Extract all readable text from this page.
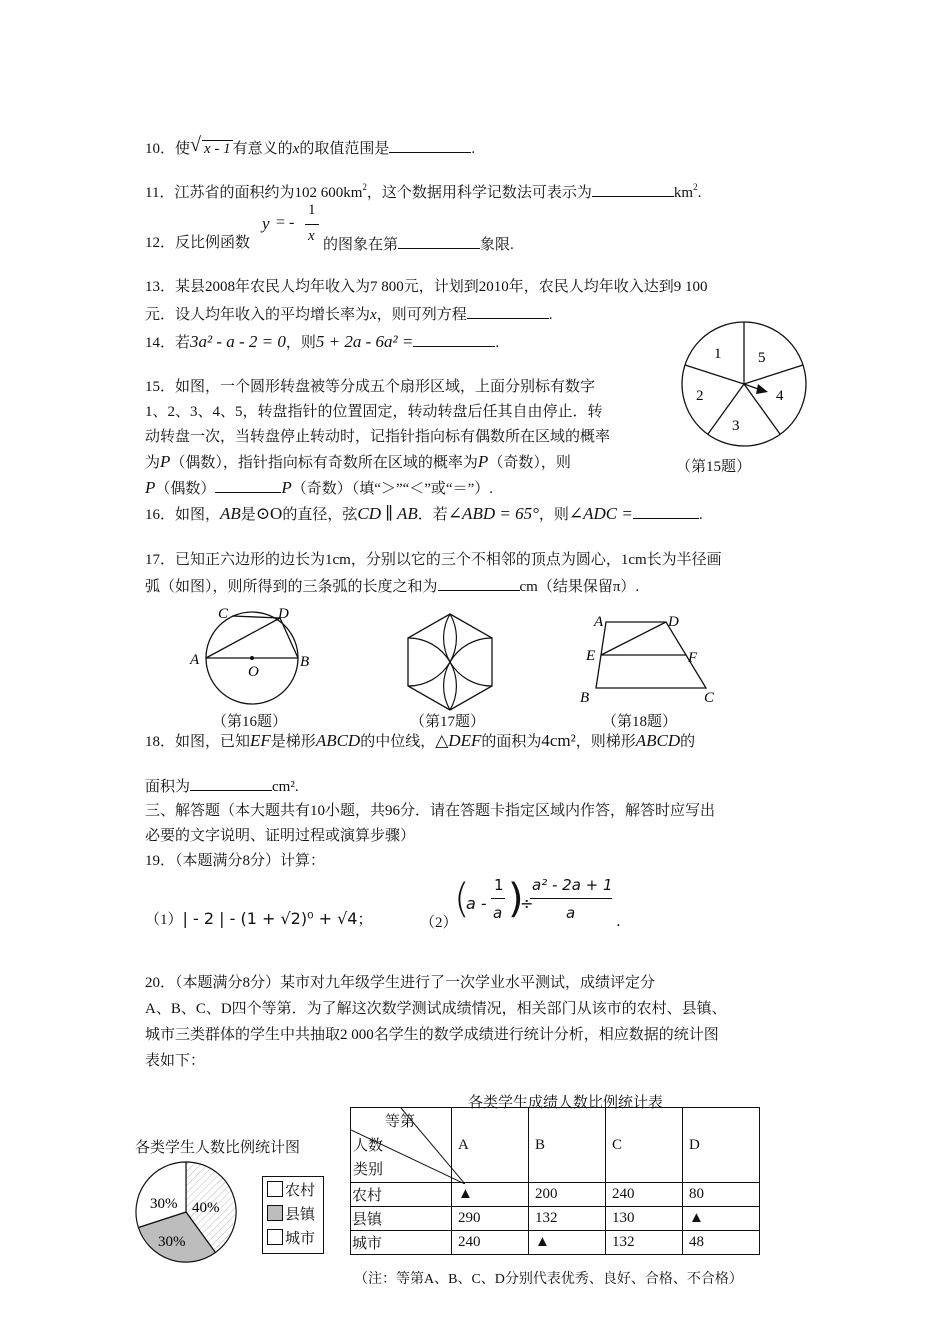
10．使 √ x - 1 有意义的x的取值范围是	.
11．江苏省的面积约为102 $600km^2$，这个数据用科学记数法可表示为	$km^2$.
12．反比例函数
y = -
1
x
的图象在第	象限.
13．某县2008年农民人均年收入为7 800元，计划到2010年，农民人均年收入达到9 100
元．设人均年收入的平均增长率为x，则可列方程	.
14．若3a² - a - 2 = 0，则5 + 2a - 6a² =	.
15．如图，一个圆形转盘被等分成五个扇形区域，上面分别标有数字
1、2、3、4、5，转盘指针的位置固定，转动转盘后任其自由停止．转
动转盘一次，当转盘停止转动时，记指针指向标有偶数所在区域的概率
为P（偶数），指针指向标有奇数所在区域的概率为P（奇数），则
P（偶数）	P（奇数）（填“＞”“＜”或“＝”）.
1 5
4
3
2
（第15题）
16．如图，AB是⊙O的直径，弦CD ∥ AB．若∠ABD = 65°，则∠ADC =	.
17．已知正六边形的边长为1cm，分别以它的三个不相邻的顶点为圆心，1cm长为半径画
弧（如图），则所得到的三条弧的长度之和为	cm（结果保留π）.
C	D
A
O
B
（第16题）	（第17题）
A	D
E	F
B	C
（第18题）
18．如图，已知EF是梯形ABCD的中位线，△DEF的面积为4cm²，则梯形ABCD的
面积为	cm².
三、解答题（本大题共有10小题，共96分．请在答题卡指定区域内作答，解答时应写出
必要的文字说明、证明过程或演算步骤）
19．（本题满分8分）计算：
（1）| - 2 | - (1 + √2)⁰ + √4；	（2）
(
a -
1
a )
÷
a² - 2a + 1
a	.
20．（本题满分8分）某市对九年级学生进行了一次学业水平测试，成绩评定分
A、B、C、D四个等第．为了解这次数学测试成绩情况，相关部门从该市的农村、县镇、
城市三类群体的学生中共抽取2 000名学生的数学成绩进行统计分析，相应数据的统计图
表如下：
各类学生人数比例统计图
30% 40%
30%
农村
县镇
城市
各类学生成绩人数比例统计表
等第
人数
类别	A	B	C	D
农村	▲	200	240	80
县镇	290	132	130	▲
城市	240	▲	132	48
（注：等第A、B、C、D分别代表优秀、良好、合格、不合格）
